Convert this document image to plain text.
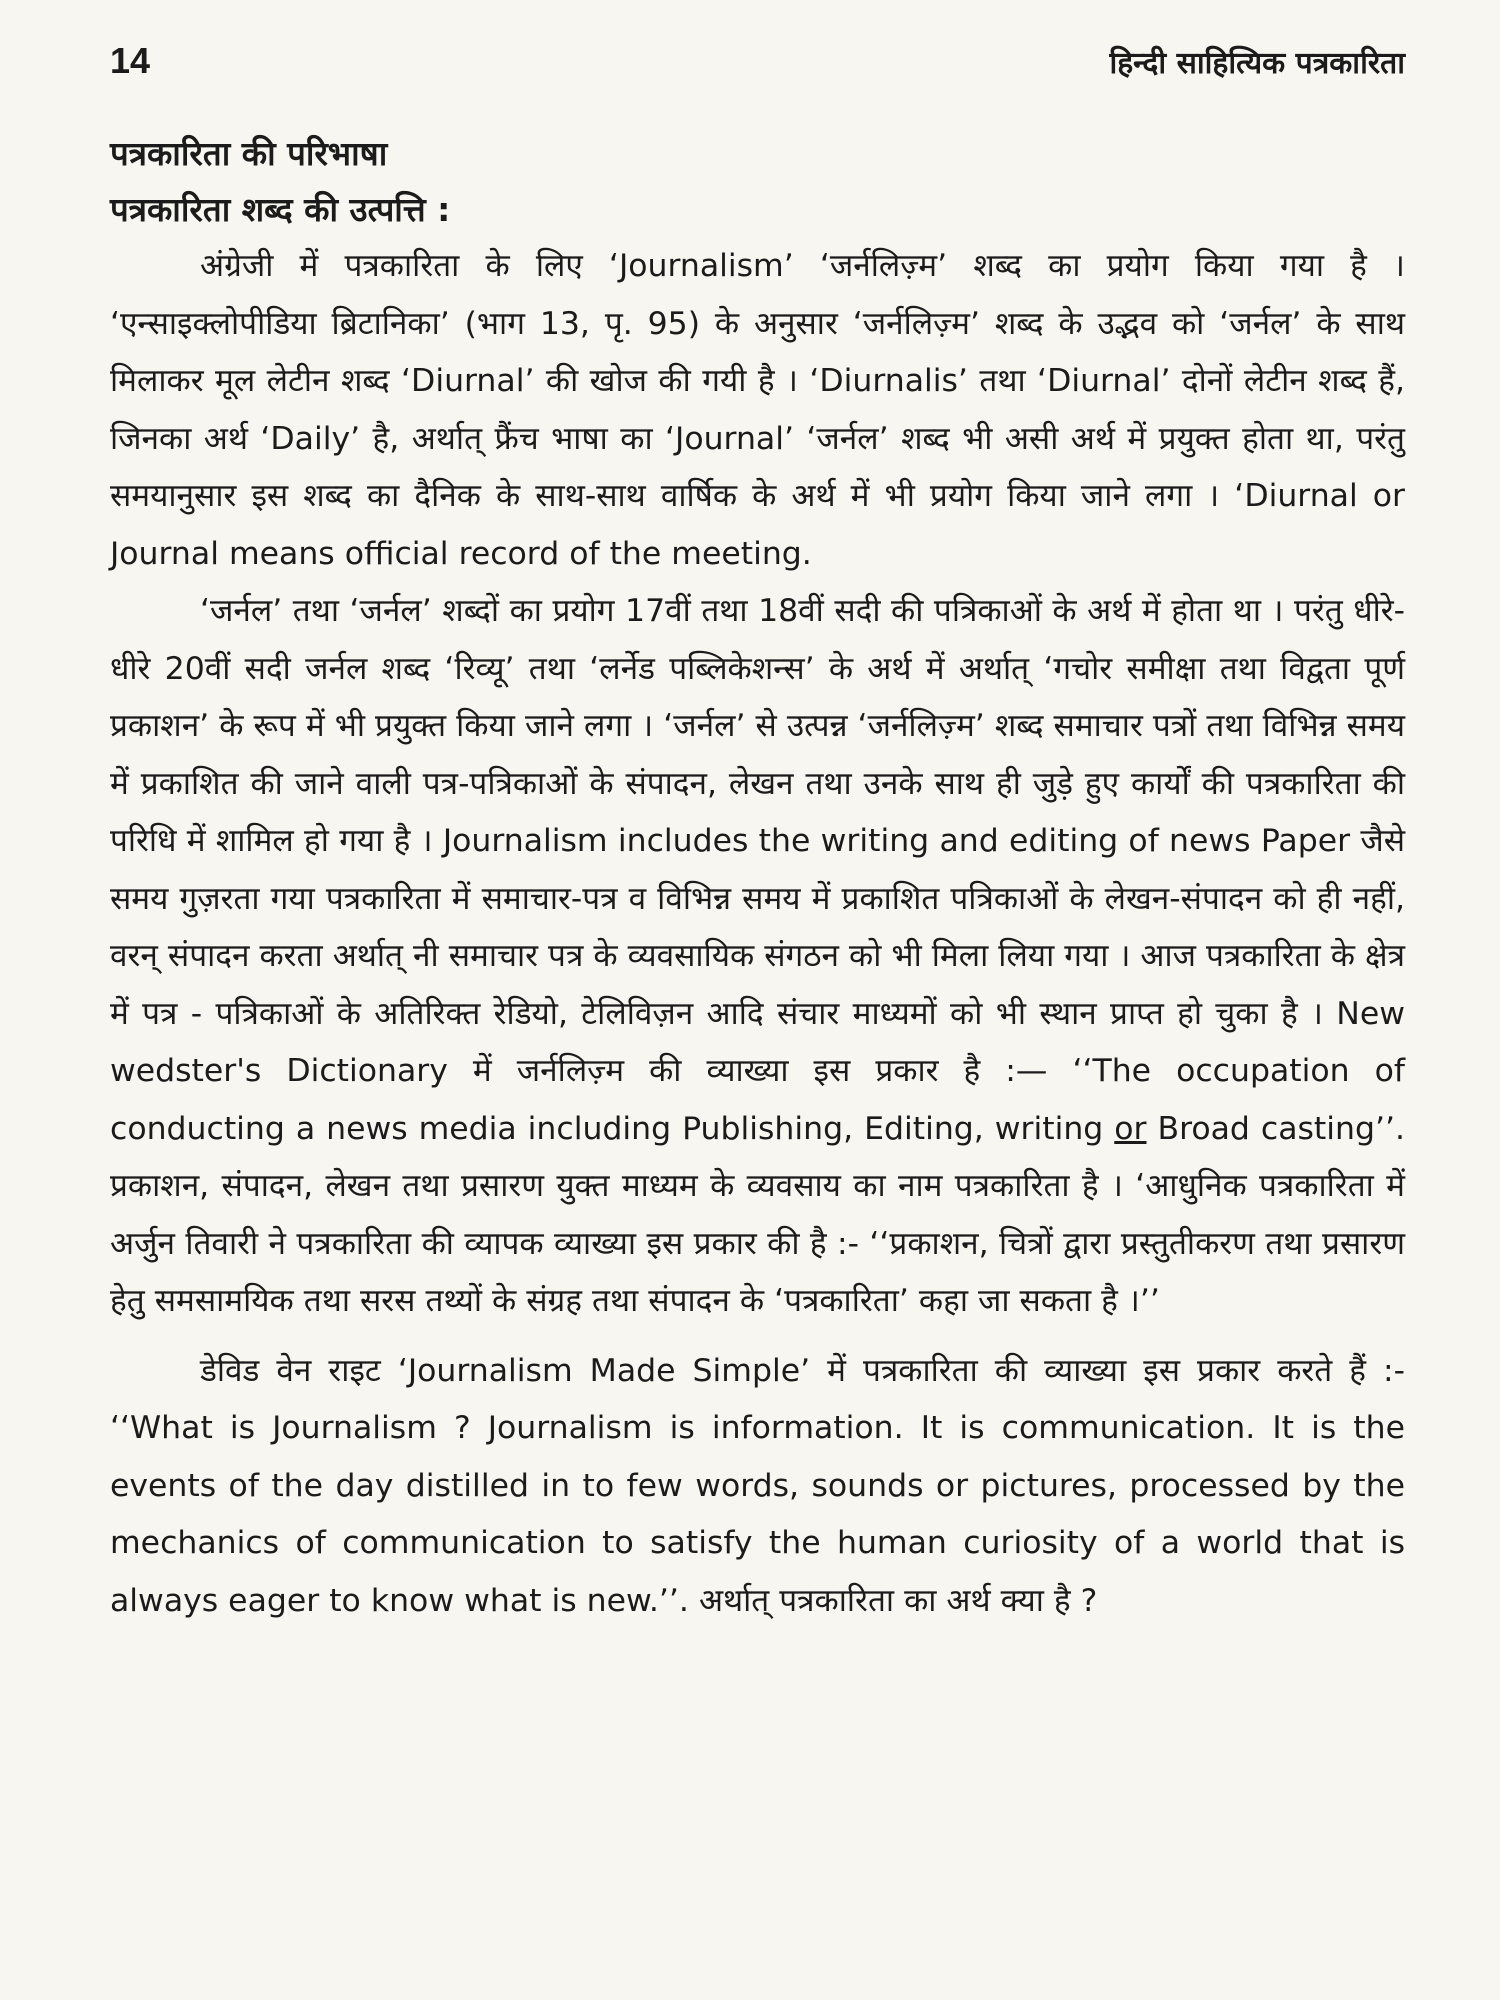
14	हिन्दी साहित्यिक पत्रकारिता
पत्रकारिता की परिभाषा
पत्रकारिता शब्द की उत्पत्ति :

अंग्रेजी में पत्रकारिता के लिए ‘Journalism’ ‘जर्नलिज़्म’ शब्द का प्रयोग किया गया है । ‘एन्साइक्लोपीडिया ब्रिटानिका’ (भाग 13, पृ. 95) के अनुसार ‘जर्नलिज़्म’ शब्द के उद्भव को ‘जर्नल’ के साथ मिलाकर मूल लेटीन शब्द ‘Diurnal’ की खोज की गयी है । ‘Diurnalis’ तथा ‘Diurnal’ दोनों लेटीन शब्द हैं, जिनका अर्थ ‘Daily’ है, अर्थात् फ्रैंच भाषा का ‘Journal’ ‘जर्नल’ शब्द भी असी अर्थ में प्रयुक्त होता था, परंतु समयानुसार इस शब्द का दैनिक के साथ-साथ वार्षिक के अर्थ में भी प्रयोग किया जाने लगा । ‘Diurnal or Journal means official record of the meeting.

‘जर्नल’ तथा ‘जर्नल’ शब्दों का प्रयोग 17वीं तथा 18वीं सदी की पत्रिकाओं के अर्थ में होता था । परंतु धीरे-धीरे 20वीं सदी जर्नल शब्द ‘रिव्यू’ तथा ‘लर्नेड पब्लिकेशन्स’ के अर्थ में अर्थात् ‘गचोर समीक्षा तथा विद्वता पूर्ण प्रकाशन’ के रूप में भी प्रयुक्त किया जाने लगा । ‘जर्नल’ से उत्पन्न ‘जर्नलिज़्म’ शब्द समाचार पत्रों तथा विभिन्न समय में प्रकाशित की जाने वाली पत्र-पत्रिकाओं के संपादन, लेखन तथा उनके साथ ही जुड़े हुए कार्यों की पत्रकारिता की परिधि में शामिल हो गया है । Journalism includes the writing and editing of news Paper जैसे समय गुज़रता गया पत्रकारिता में समाचार-पत्र व विभिन्न समय में प्रकाशित पत्रिकाओं के लेखन-संपादन को ही नहीं, वरन् संपादन करता अर्थात् नी समाचार पत्र के व्यवसायिक संगठन को भी मिला लिया गया । आज पत्रकारिता के क्षेत्र में पत्र - पत्रिकाओं के अतिरिक्त रेडियो, टेलिविज़न आदि संचार माध्यमों को भी स्थान प्राप्त हो चुका है । New wedster's Dictionary में जर्नलिज़्म की व्याख्या इस प्रकार है :— ‘‘The occupation of conducting a news media including Publishing, Editing, writing or Broad casting’’. प्रकाशन, संपादन, लेखन तथा प्रसारण युक्त माध्यम के व्यवसाय का नाम पत्रकारिता है । ‘आधुनिक पत्रकारिता में अर्जुन तिवारी ने पत्रकारिता की व्यापक व्याख्या इस प्रकार की है :- ‘‘प्रकाशन, चित्रों द्वारा प्रस्तुतीकरण तथा प्रसारण हेतु समसामयिक तथा सरस तथ्यों के संग्रह तथा संपादन के ‘पत्रकारिता’ कहा जा सकता है ।’’

डेविड वेन राइट ‘Journalism Made Simple’ में पत्रकारिता की व्याख्या इस प्रकार करते हैं :- ‘‘What is Journalism ? Journalism is information. It is communication. It is the events of the day distilled in to few words, sounds or pictures, processed by the mechanics of communication to satisfy the human curiosity of a world that is always eager to know what is new.’’. अर्थात् पत्रकारिता का अर्थ क्या है ?
